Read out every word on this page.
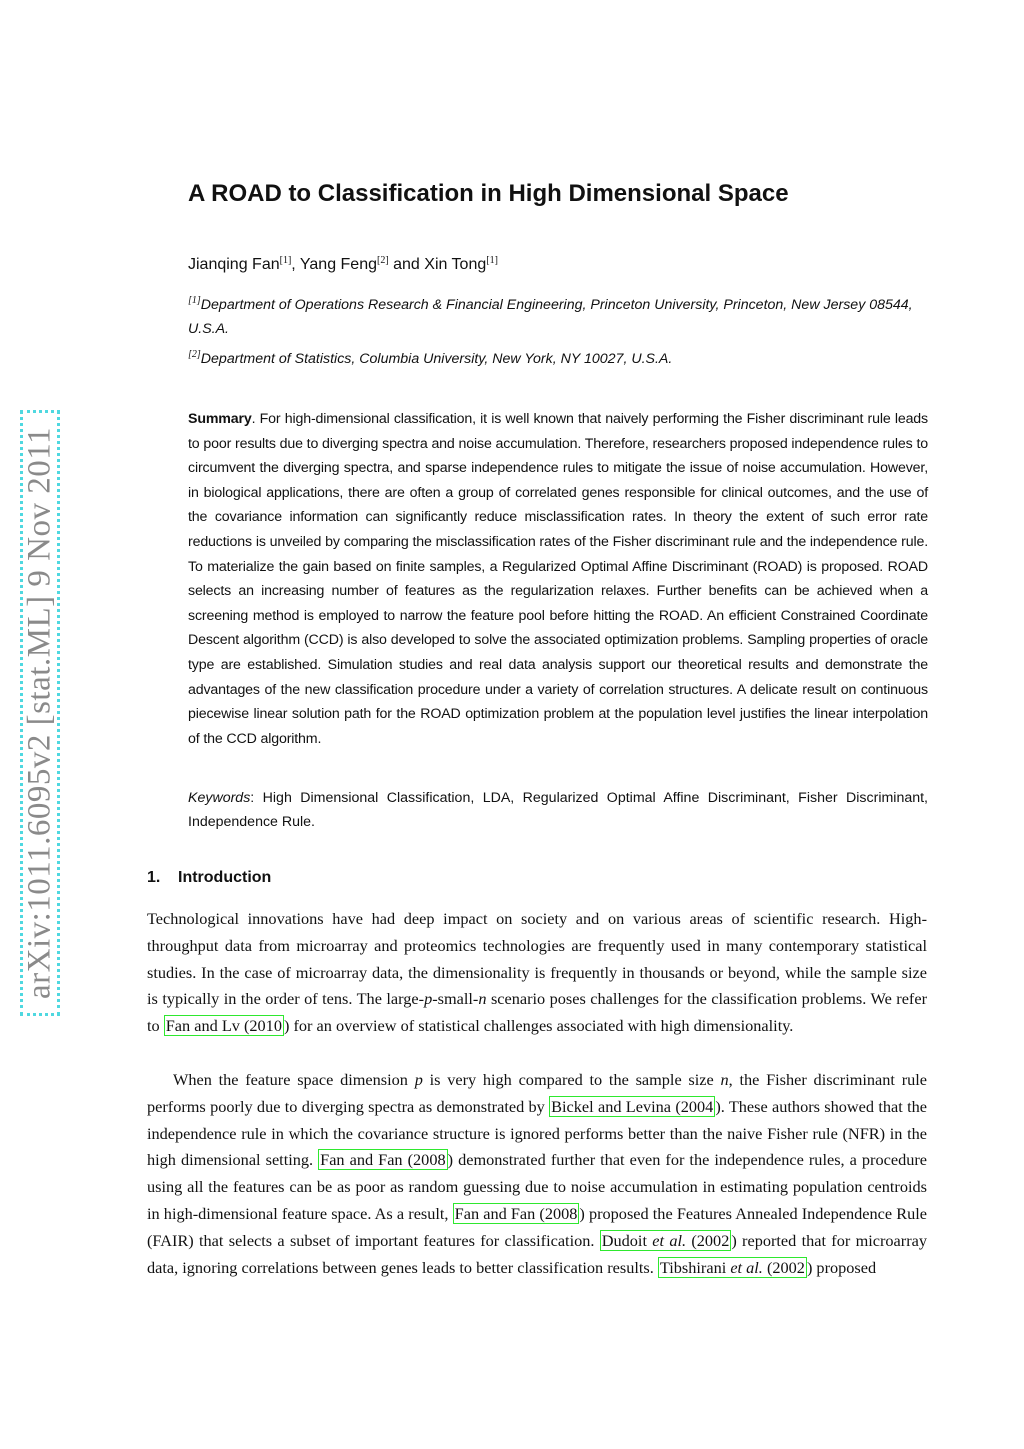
arXiv:1011.6095v2 [stat.ML] 9 Nov 2011
A ROAD to Classification in High Dimensional Space
Jianqing Fan[1], Yang Feng[2] and Xin Tong[1]
[1]Department of Operations Research & Financial Engineering, Princeton University, Princeton, New Jersey 08544, U.S.A.
[2]Department of Statistics, Columbia University, New York, NY 10027, U.S.A.
Summary. For high-dimensional classification, it is well known that naively performing the Fisher discriminant rule leads to poor results due to diverging spectra and noise accumulation. Therefore, researchers proposed independence rules to circumvent the diverging spectra, and sparse independence rules to mitigate the issue of noise accumulation. However, in biological applications, there are often a group of correlated genes responsible for clinical outcomes, and the use of the covariance information can significantly reduce misclassification rates. In theory the extent of such error rate reductions is unveiled by comparing the misclassification rates of the Fisher discriminant rule and the independence rule. To materialize the gain based on finite samples, a Regularized Optimal Affine Discriminant (ROAD) is proposed. ROAD selects an increasing number of features as the regularization relaxes. Further benefits can be achieved when a screening method is employed to narrow the feature pool before hitting the ROAD. An efficient Constrained Coordinate Descent algorithm (CCD) is also developed to solve the associated optimization problems. Sampling properties of oracle type are established. Simulation studies and real data analysis support our theoretical results and demonstrate the advantages of the new classification procedure under a variety of correlation structures. A delicate result on continuous piecewise linear solution path for the ROAD optimization problem at the population level justifies the linear interpolation of the CCD algorithm.
Keywords: High Dimensional Classification, LDA, Regularized Optimal Affine Discriminant, Fisher Discriminant, Independence Rule.
1. Introduction
Technological innovations have had deep impact on society and on various areas of scientific research. High-throughput data from microarray and proteomics technologies are frequently used in many contemporary statistical studies. In the case of microarray data, the dimensionality is frequently in thousands or beyond, while the sample size is typically in the order of tens. The large-p-small-n scenario poses challenges for the classification problems. We refer to Fan and Lv (2010 ) for an overview of statistical challenges associated with high dimensionality.
When the feature space dimension p is very high compared to the sample size n, the Fisher discriminant rule performs poorly due to diverging spectra as demonstrated by Bickel and Levina (2004 ). These authors showed that the independence rule in which the covariance structure is ignored performs better than the naive Fisher rule (NFR) in the high dimensional setting. Fan and Fan (2008 ) demonstrated further that even for the independence rules, a procedure using all the features can be as poor as random guessing due to noise accumulation in estimating population centroids in high-dimensional feature space. As a result, Fan and Fan (2008 ) proposed the Features Annealed Independence Rule (FAIR) that selects a subset of important features for classification. Dudoit et al. (2002 ) reported that for microarray data, ignoring correlations between genes leads to better classification results. Tibshirani et al. (2002 ) proposed
